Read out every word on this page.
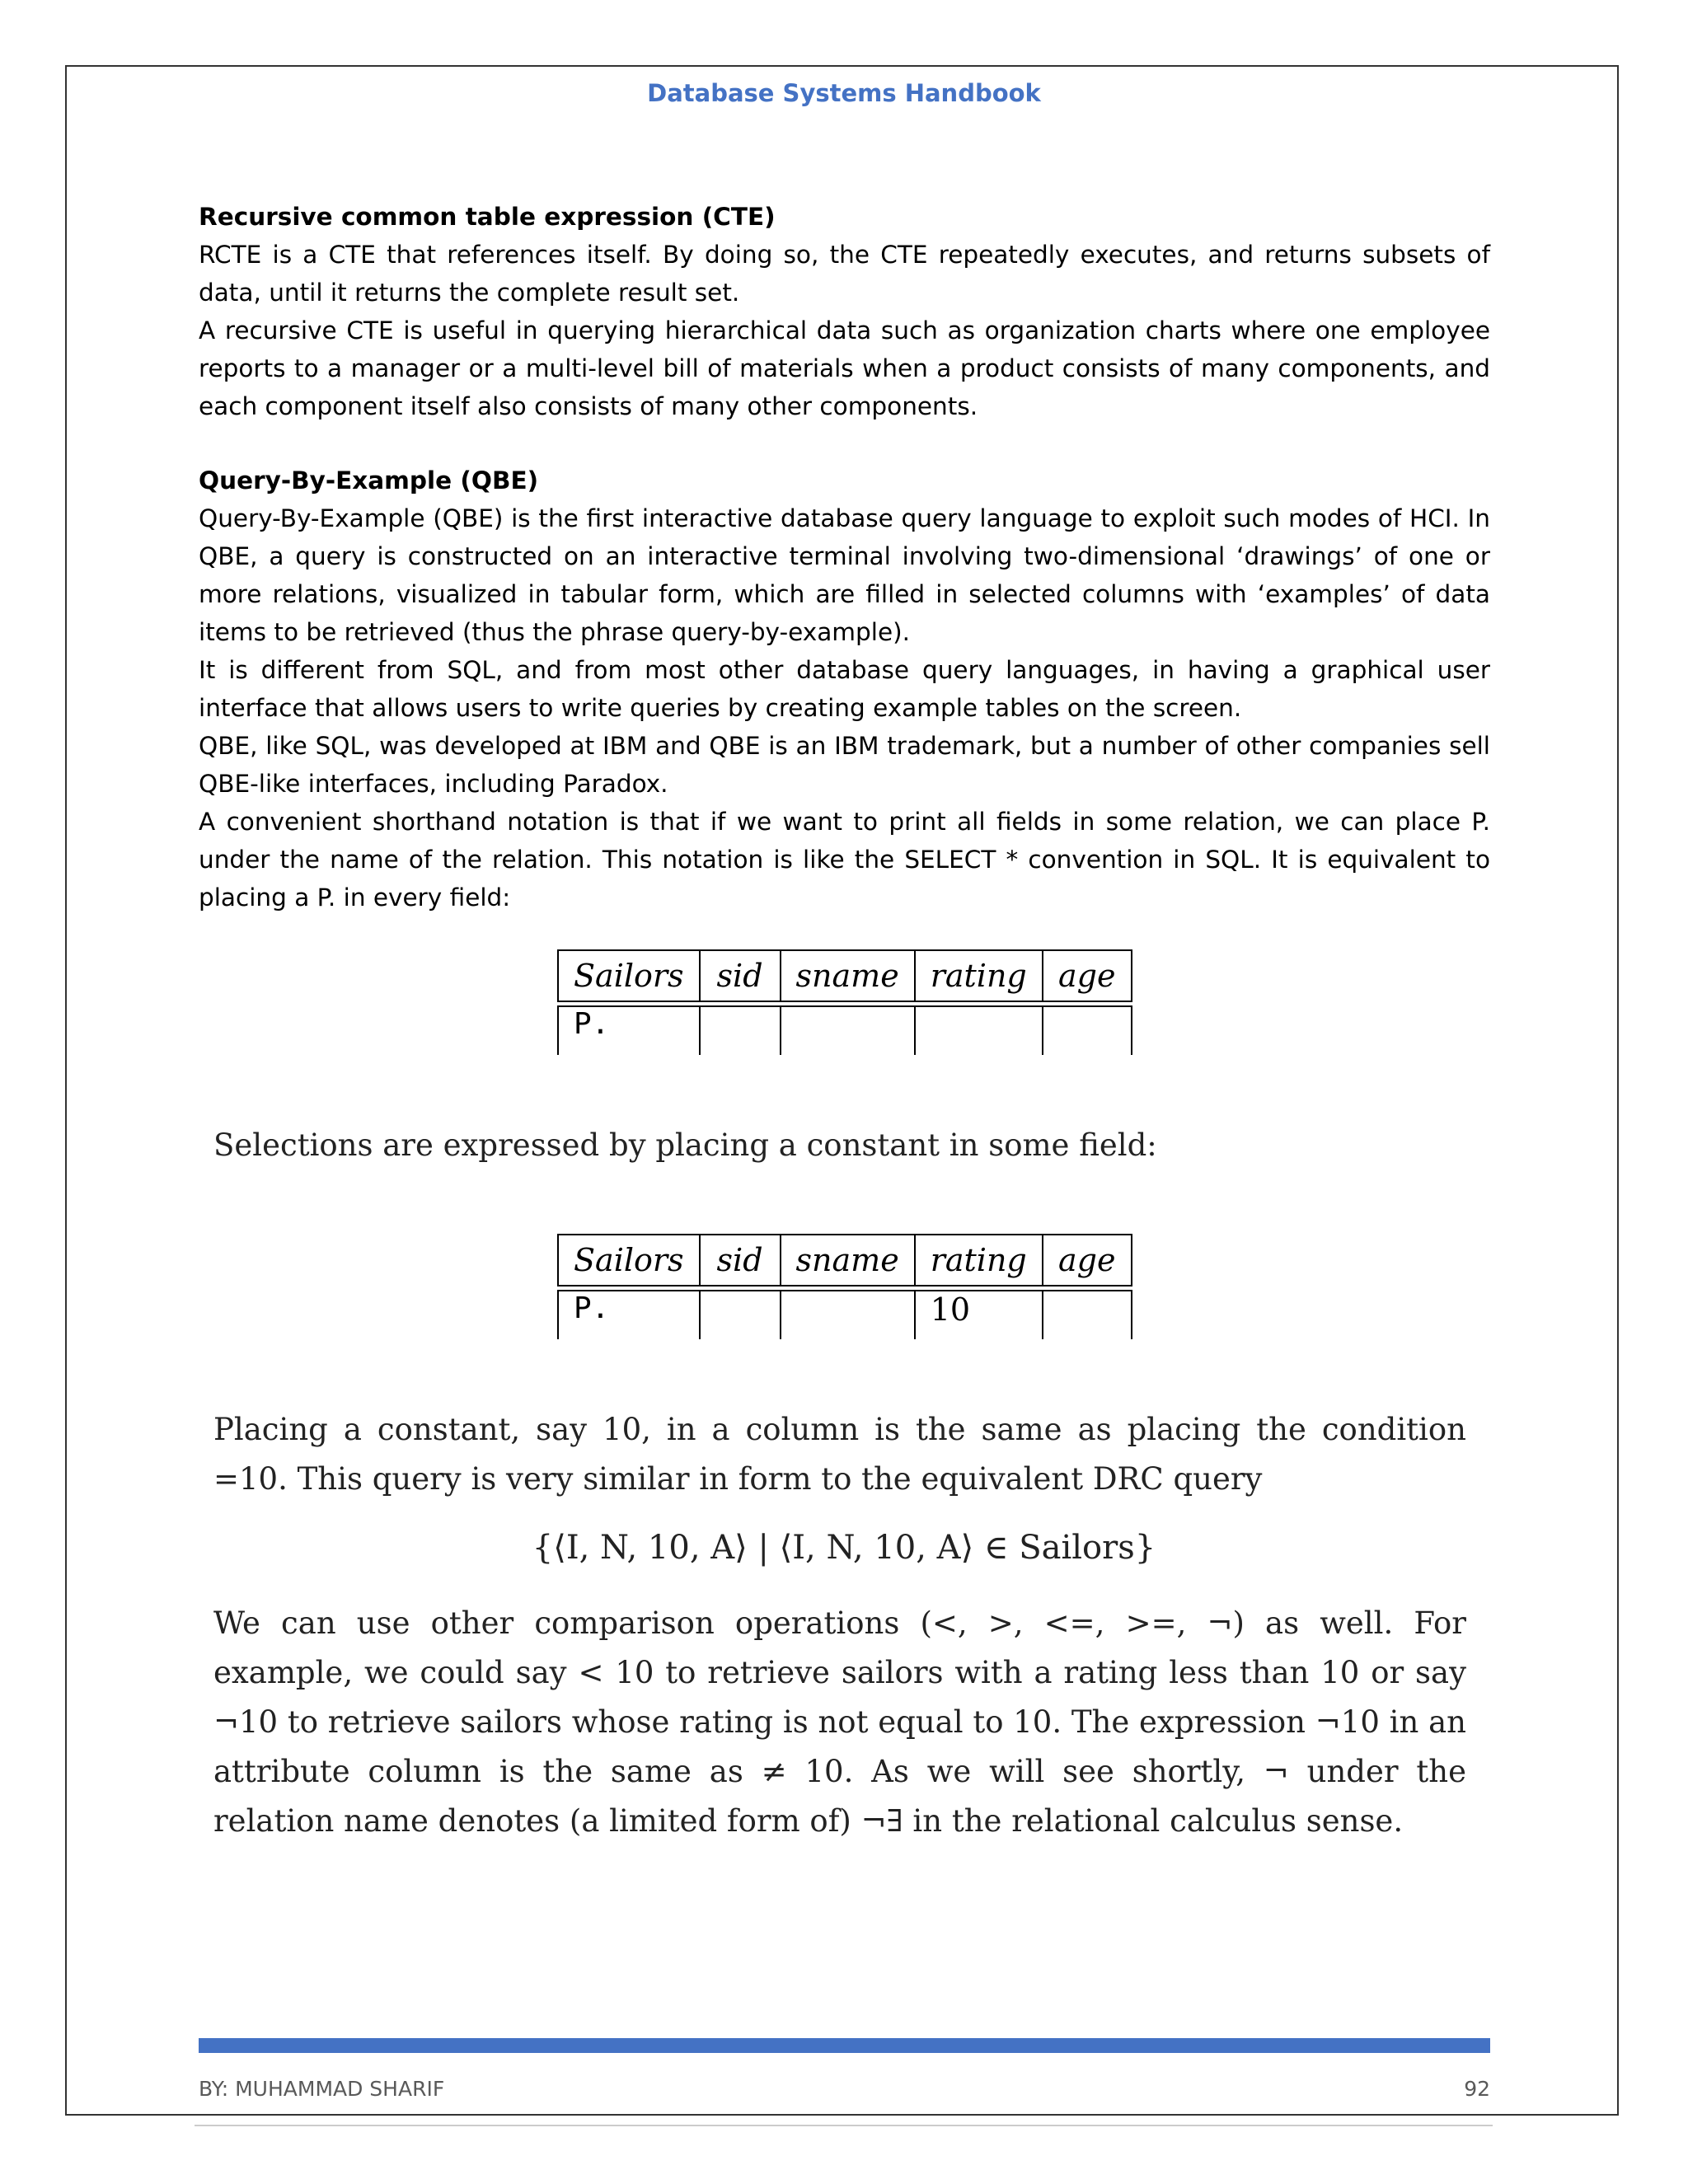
Database Systems Handbook

Recursive common table expression (CTE)

RCTE is a CTE that references itself. By doing so, the CTE repeatedly executes, and returns subsets of data, until it returns the complete result set.

A recursive CTE is useful in querying hierarchical data such as organization charts where one employee reports to a manager or a multi-level bill of materials when a product consists of many components, and each component itself also consists of many other components.

Query-By-Example (QBE)

Query-By-Example (QBE) is the first interactive database query language to exploit such modes of HCI. In QBE, a query is constructed on an interactive terminal involving two-dimensional ‘drawings’ of one or more relations, visualized in tabular form, which are filled in selected columns with ‘examples’ of data items to be retrieved (thus the phrase query-by-example).

It is different from SQL, and from most other database query languages, in having a graphical user interface that allows users to write queries by creating example tables on the screen.

QBE, like SQL, was developed at IBM and QBE is an IBM trademark, but a number of other companies sell QBE-like interfaces, including Paradox.

A convenient shorthand notation is that if we want to print all fields in some relation, we can place P. under the name of the relation. This notation is like the SELECT * convention in SQL. It is equivalent to placing a P. in every field:

Sailors	sid	sname	rating	age

P.				
Selections are expressed by placing a constant in some field:
Sailors	sid	sname	rating	age

P.			10	

Placing a constant, say 10, in a column is the same as placing the condition =10. This query is very similar in form to the equivalent DRC query

{⟨I, N, 10, A⟩ | ⟨I, N, 10, A⟩ ∈ Sailors}

We can use other comparison operations (<, >, <=, >=, ¬) as well. For example, we could say < 10 to retrieve sailors with a rating less than 10 or say ¬10 to retrieve sailors whose rating is not equal to 10. The expression ¬10 in an attribute column is the same as ≠ 10. As we will see shortly, ¬ under the relation name denotes (a limited form of) ¬∃ in the relational calculus sense.

BY: MUHAMMAD SHARIF	92
